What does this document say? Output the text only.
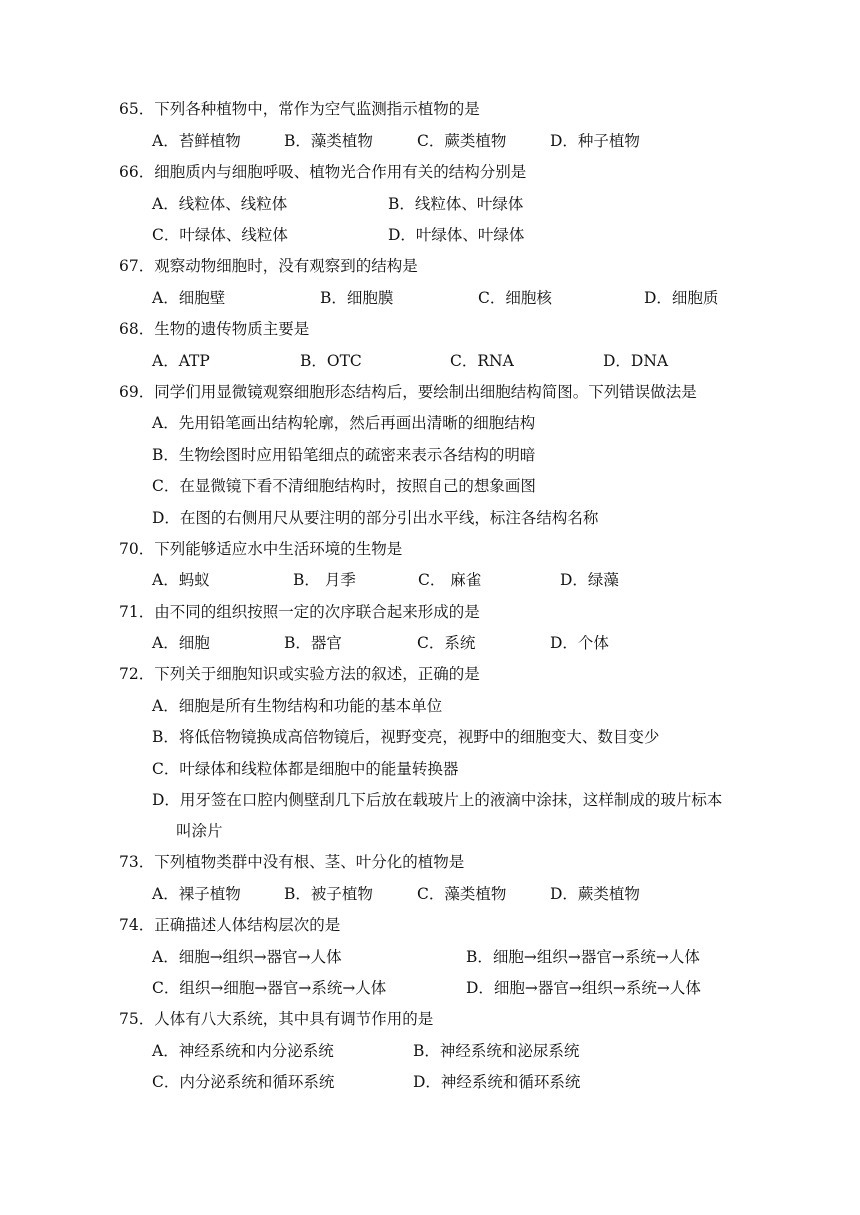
65．下列各种植物中，常作为空气监测指示植物的是
A．苔鲜植物	B．藻类植物	C．蕨类植物	D．种子植物
66．细胞质内与细胞呼吸、植物光合作用有关的结构分别是
A．线粒体、线粒体	B．线粒体、叶绿体
C．叶绿体、线粒体	D．叶绿体、叶绿体
67．观察动物细胞时，没有观察到的结构是
A．细胞壁	B．细胞膜	C．细胞核	D．细胞质
68．生物的遗传物质主要是
A．ATP	B．OTC	C．RNA	D．DNA
69．同学们用显微镜观察细胞形态结构后，要绘制出细胞结构简图。下列错误做法是
A．先用铅笔画出结构轮廓，然后再画出清晰的细胞结构
B．生物绘图时应用铅笔细点的疏密来表示各结构的明暗
C．在显微镜下看不清细胞结构时，按照自己的想象画图
D．在图的右侧用尺从要注明的部分引出水平线，标注各结构名称
70．下列能够适应水中生活环境的生物是
A．蚂蚁	B． 月季	C． 麻雀	D．绿藻
71．由不同的组织按照一定的次序联合起来形成的是
A．细胞	B．器官	C．系统	D．个体
72．下列关于细胞知识或实验方法的叙述，正确的是
A．细胞是所有生物结构和功能的基本单位
B．将低倍物镜换成高倍物镜后，视野变亮，视野中的细胞变大、数目变少
C．叶绿体和线粒体都是细胞中的能量转换器
D．用牙签在口腔内侧壁刮几下后放在载玻片上的液滴中涂抹，这样制成的玻片标本
叫涂片
73．下列植物类群中没有根、茎、叶分化的植物是
A．裸子植物	B．被子植物	C．藻类植物	D．蕨类植物
74．正确描述人体结构层次的是
A．细胞→组织→器官→人体	B．细胞→组织→器官→系统→人体
C．组织→细胞→器官→系统→人体	D．细胞→器官→组织→系统→人体
75．人体有八大系统，其中具有调节作用的是
A．神经系统和内分泌系统	B．神经系统和泌尿系统
C．内分泌系统和循环系统	D．神经系统和循环系统
